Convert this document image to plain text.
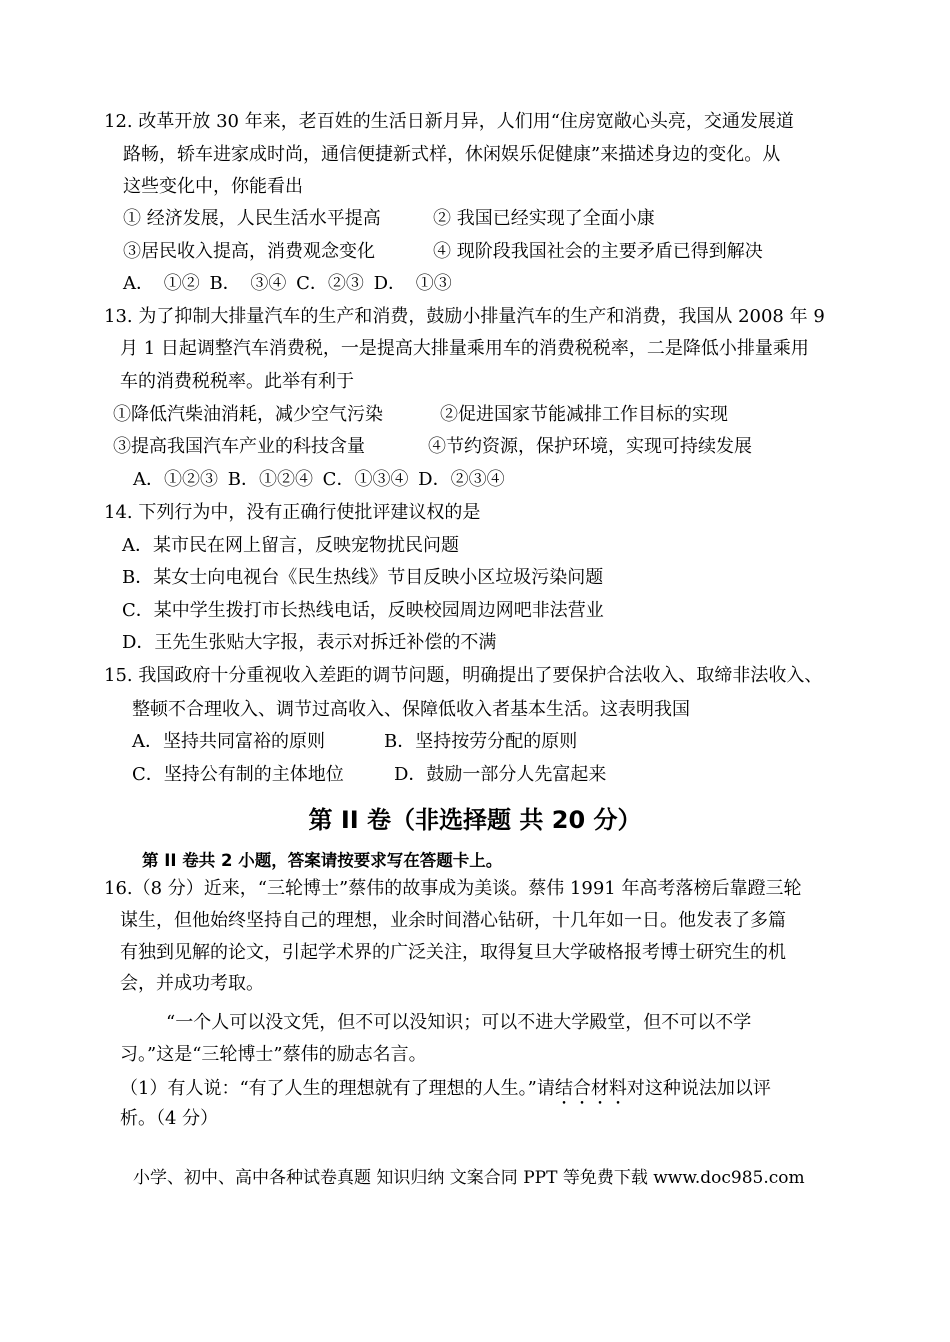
12. 改革开放 30 年来，老百姓的生活日新月异，人们用“住房宽敞心头亮，交通发展道
路畅，轿车进家成时尚，通信便捷新式样，休闲娱乐促健康”来描述身边的变化。从
这些变化中，你能看出
① 经济发展，人民生活水平提高	② 我国已经实现了全面小康
③居民收入提高，消费观念变化	④ 现阶段我国社会的主要矛盾已得到解决
A． ①② B． ③④ C．②③ D． ①③
13. 为了抑制大排量汽车的生产和消费，鼓励小排量汽车的生产和消费，我国从 2008 年 9
月 1 日起调整汽车消费税，一是提高大排量乘用车的消费税税率，二是降低小排量乘用
车的消费税税率。此举有利于
①降低汽柴油消耗，减少空气污染	②促进国家节能减排工作目标的实现
③提高我国汽车产业的科技含量	④节约资源，保护环境，实现可持续发展
A．①②③ B．①②④ C．①③④ D．②③④
14. 下列行为中，没有正确行使批评建议权的是
A．某市民在网上留言，反映宠物扰民问题
B．某女士向电视台《民生热线》节目反映小区垃圾污染问题
C．某中学生拨打市长热线电话，反映校园周边网吧非法营业
D．王先生张贴大字报，表示对拆迁补偿的不满
15. 我国政府十分重视收入差距的调节问题，明确提出了要保护合法收入、取缔非法收入、
整顿不合理收入、调节过高收入、保障低收入者基本生活。这表明我国
A．坚持共同富裕的原则	B．坚持按劳分配的原则
C．坚持公有制的主体地位	D．鼓励一部分人先富起来
第 II 卷（非选择题 共 20 分）
第 II 卷共 2 小题，答案请按要求写在答题卡上。
16.（8 分）近来，“三轮博士”蔡伟的故事成为美谈。蔡伟 1991 年高考落榜后靠蹬三轮
谋生，但他始终坚持自己的理想，业余时间潜心钻研，十几年如一日。他发表了多篇
有独到见解的论文，引起学术界的广泛关注，取得复旦大学破格报考博士研究生的机
会，并成功考取。
“一个人可以没文凭，但不可以没知识；可以不进大学殿堂，但不可以不学
习。”这是“三轮博士”蔡伟的励志名言。
（1）有人说：“有了人生的理想就有了理想的人生。”请结合材料对这种说法加以评
析。（4 分）
小学、初中、高中各种试卷真题 知识归纳 文案合同 PPT 等免费下载 www.doc985.com
